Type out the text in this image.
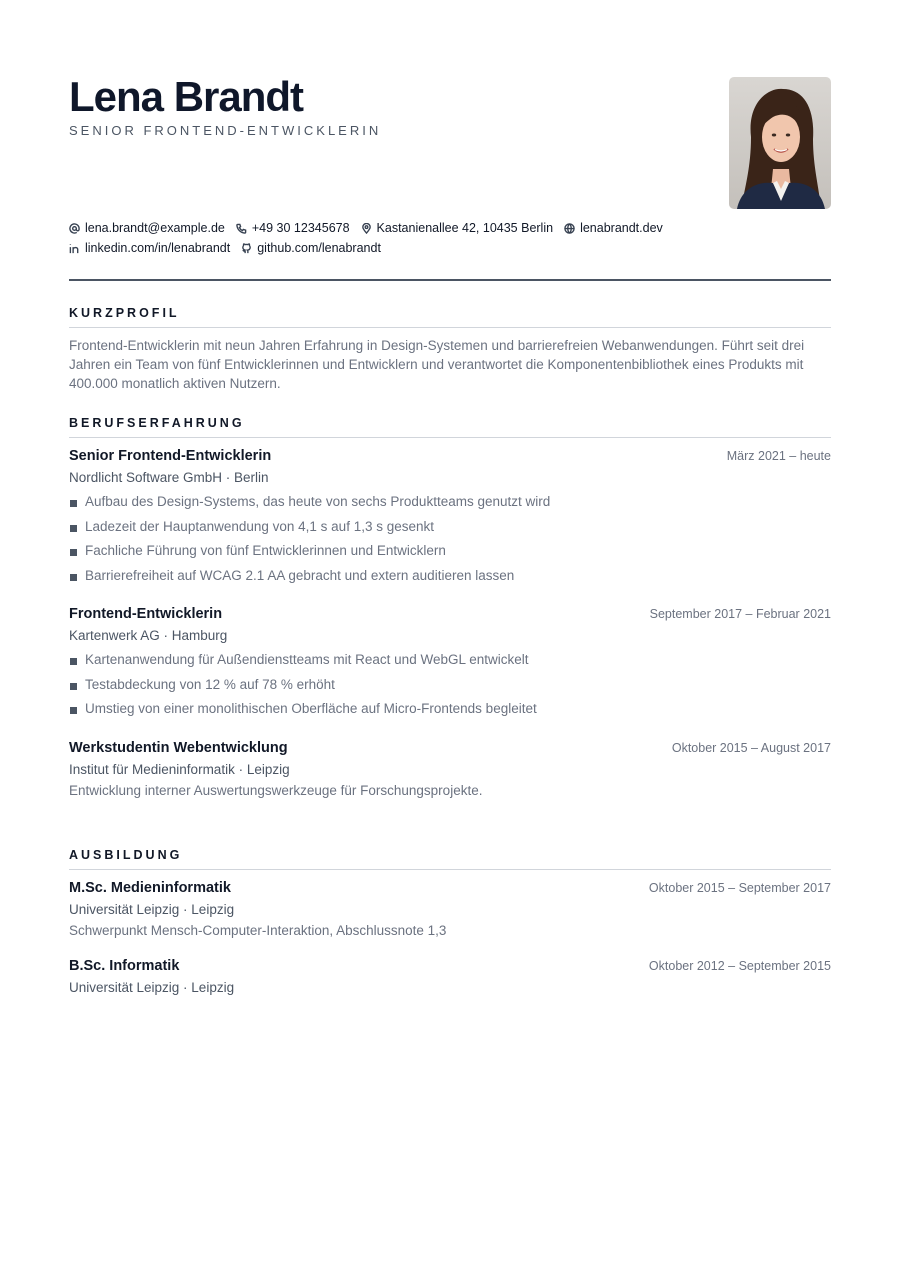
Lena Brandt
SENIOR FRONTEND-ENTWICKLERIN
lena.brandt@example.de +49 30 12345678 Kastanienallee 42, 10435 Berlin lenabrandt.dev
linkedin.com/in/lenabrandt github.com/lenabrandt
KURZPROFIL

Frontend-Entwicklerin mit neun Jahren Erfahrung in Design-Systemen und barrierefreien Webanwendungen. Führt seit drei Jahren ein Team von fünf Entwicklerinnen und Entwicklern und verantwortet die Komponentenbibliothek eines Produkts mit 400.000 monatlich aktiven Nutzern.

BERUFSERFAHRUNG
Senior Frontend-Entwicklerin	März 2021 – heute
Nordlicht Software GmbH · Berlin
Aufbau des Design-Systems, das heute von sechs Produktteams genutzt wird
Ladezeit der Hauptanwendung von 4,1 s auf 1,3 s gesenkt
Fachliche Führung von fünf Entwicklerinnen und Entwicklern
Barrierefreiheit auf WCAG 2.1 AA gebracht und extern auditieren lassen
Frontend-Entwicklerin	September 2017 – Februar 2021
Kartenwerk AG · Hamburg
Kartenanwendung für Außendienstteams mit React und WebGL entwickelt
Testabdeckung von 12 % auf 78 % erhöht
Umstieg von einer monolithischen Oberfläche auf Micro-Frontends begleitet
Werkstudentin Webentwicklung	Oktober 2015 – August 2017
Institut für Medieninformatik · Leipzig
Entwicklung interner Auswertungswerkzeuge für Forschungsprojekte.
AUSBILDUNG
M.Sc. Medieninformatik	Oktober 2015 – September 2017
Universität Leipzig · Leipzig
Schwerpunkt Mensch-Computer-Interaktion, Abschlussnote 1,3
B.Sc. Informatik	Oktober 2012 – September 2015
Universität Leipzig · Leipzig
